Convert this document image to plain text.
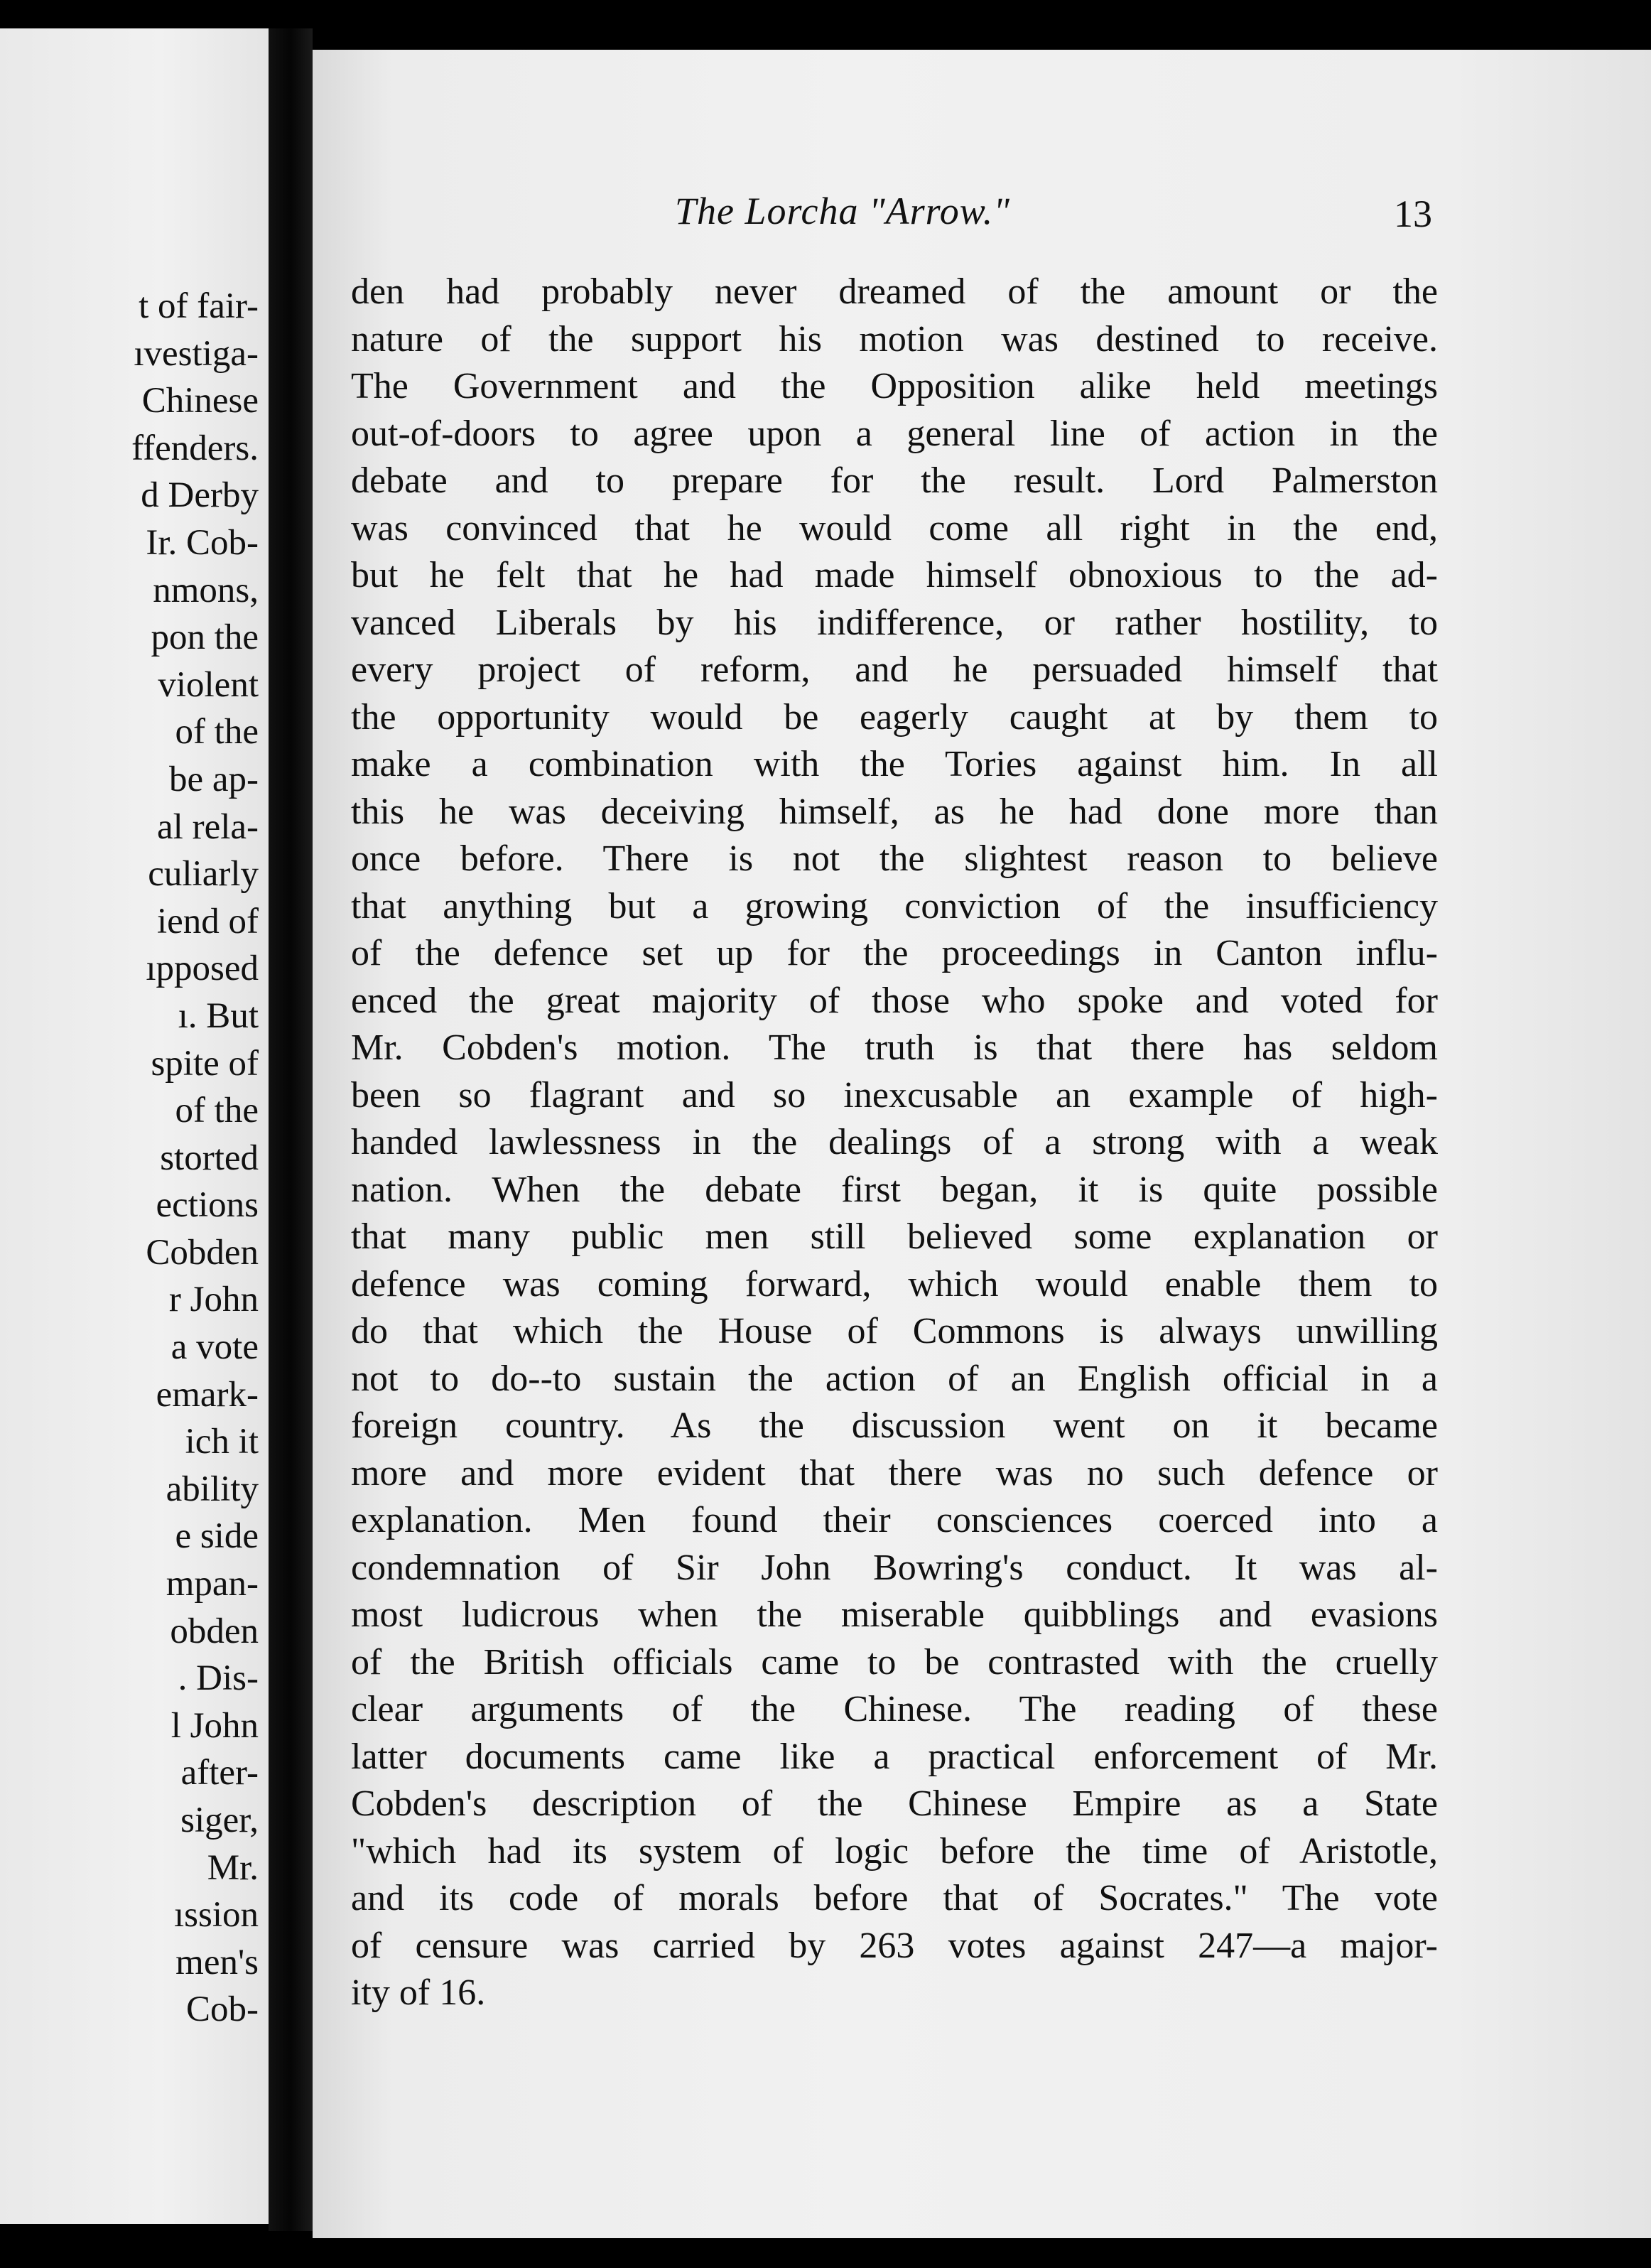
t of fair-
ıvestiga-
Chinese
ffenders.
d Derby
Ir. Cob-
nmons,
pon the
violent
of the
be ap-
al rela-
culiarly
iend of
ıpposed
ı. But
spite of
of the
storted
ections
Cobden
r John
a vote
emark-
ich it
ability
e side
mpan-
obden
. Dis-
l John
after-
siger,
Mr.
ıssion
men's
Cob-
The Lorcha "Arrow."	13
den had probably never dreamed of the amount or the
nature of the support his motion was destined to receive.
The Government and the Opposition alike held meetings
out-of-doors to agree upon a general line of action in the
debate and to prepare for the result. Lord Palmerston
was convinced that he would come all right in the end,
but he felt that he had made himself obnoxious to the ad-
vanced Liberals by his indifference, or rather hostility, to
every project of reform, and he persuaded himself that
the opportunity would be eagerly caught at by them to
make a combination with the Tories against him. In all
this he was deceiving himself, as he had done more than
once before. There is not the slightest reason to believe
that anything but a growing conviction of the insufficiency
of the defence set up for the proceedings in Canton influ-
enced the great majority of those who spoke and voted for
Mr. Cobden's motion. The truth is that there has seldom
been so flagrant and so inexcusable an example of high-
handed lawlessness in the dealings of a strong with a weak
nation. When the debate first began, it is quite possible
that many public men still believed some explanation or
defence was coming forward, which would enable them to
do that which the House of Commons is always unwilling
not to do--to sustain the action of an English official in a
foreign country. As the discussion went on it became
more and more evident that there was no such defence or
explanation. Men found their consciences coerced into a
condemnation of Sir John Bowring's conduct. It was al-
most ludicrous when the miserable quibblings and evasions
of the British officials came to be contrasted with the cruelly
clear arguments of the Chinese. The reading of these
latter documents came like a practical enforcement of Mr.
Cobden's description of the Chinese Empire as a State
"which had its system of logic before the time of Aristotle,
and its code of morals before that of Socrates." The vote
of censure was carried by 263 votes against 247—a major-
ity of 16.
